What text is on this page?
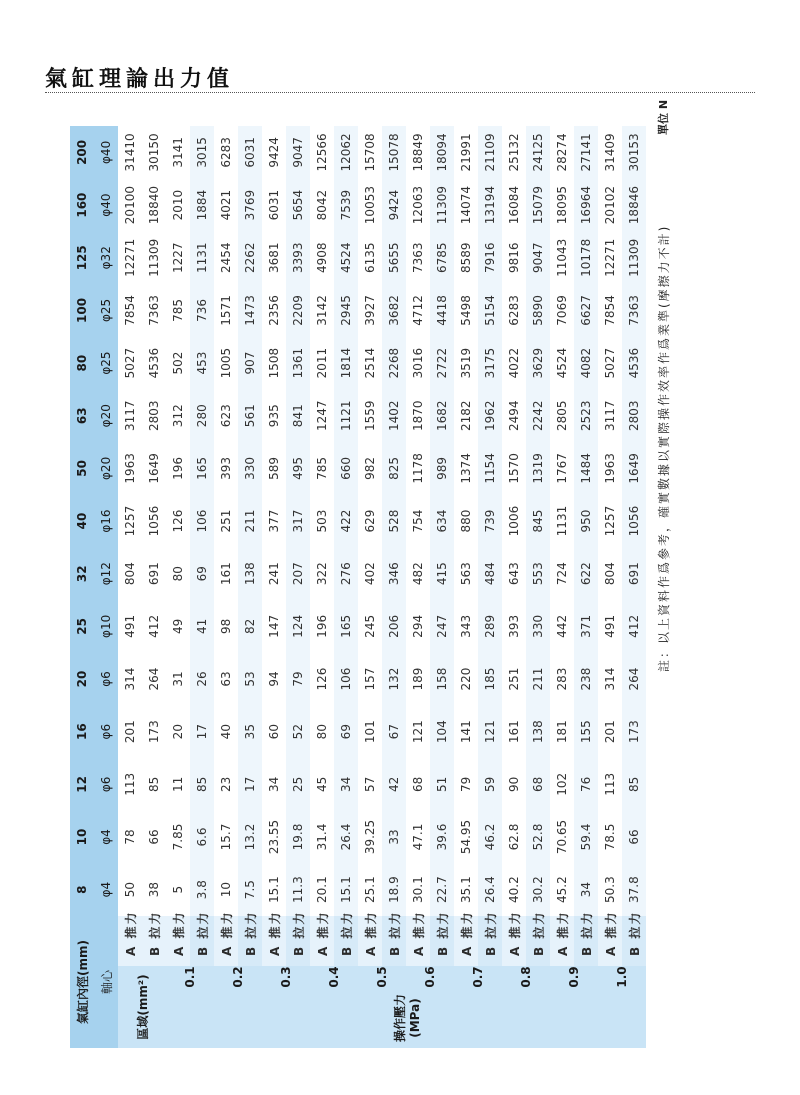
氣缸理論出力值
氣缸內徑(mm)			8	10	12	16	20	25	32	40	50	63	80	100	125	160	200
軸心			φ4	φ4	φ6	φ6	φ6	φ10	φ12	φ16	φ20	φ20	φ25	φ25	φ32	φ40	φ40
區域(mm²)		A 推力	50	78	113	201	314	491	804	1257	1963	3117	5027	7854	12271	20100	31410
		B 拉力	38	66	85	173	264	412	691	1056	1649	2803	4536	7363	11309	18840	30150

操作壓力 (MPa)	0.1	A 推力	5	7.85	11	20	31	49	80	126	196	312	502	785	1227	2010	3141
		B 拉力	3.8	6.6	85	17	26	41	69	106	165	280	453	736	1131	1884	3015
	0.2	A 推力	10	15.7	23	40	63	98	161	251	393	623	1005	1571	2454	4021	6283
		B 拉力	7.5	13.2	17	35	53	82	138	211	330	561	907	1473	2262	3769	6031
	0.3	A 推力	15.1	23.55	34	60	94	147	241	377	589	935	1508	2356	3681	6031	9424
		B 拉力	11.3	19.8	25	52	79	124	207	317	495	841	1361	2209	3393	5654	9047
	0.4	A 推力	20.1	31.4	45	80	126	196	322	503	785	1247	2011	3142	4908	8042	12566
		B 拉力	15.1	26.4	34	69	106	165	276	422	660	1121	1814	2945	4524	7539	12062
	0.5	A 推力	25.1	39.25	57	101	157	245	402	629	982	1559	2514	3927	6135	10053	15708
		B 拉力	18.9	33	42	67	132	206	346	528	825	1402	2268	3682	5655	9424	15078
	0.6	A 推力	30.1	47.1	68	121	189	294	482	754	1178	1870	3016	4712	7363	12063	18849
		B 拉力	22.7	39.6	51	104	158	247	415	634	989	1682	2722	4418	6785	11309	18094
	0.7	A 推力	35.1	54.95	79	141	220	343	563	880	1374	2182	3519	5498	8589	14074	21991
		B 拉力	26.4	46.2	59	121	185	289	484	739	1154	1962	3175	5154	7916	13194	21109
	0.8	A 推力	40.2	62.8	90	161	251	393	643	1006	1570	2494	4022	6283	9816	16084	25132
		B 拉力	30.2	52.8	68	138	211	330	553	845	1319	2242	3629	5890	9047	15079	24125
	0.9	A 推力	45.2	70.65	102	181	283	442	724	1131	1767	2805	4524	7069	11043	18095	28274
		B 拉力	34	59.4	76	155	238	371	622	950	1484	2523	4082	6627	10178	16964	27141
	1.0	A 推力	50.3	78.5	113	201	314	491	804	1257	1963	3117	5027	7854	12271	20102	31409
		B 拉力	37.8	66	85	173	264	412	691	1056	1649	2803	4536	7363	11309	18846	30153
單位 N
註：以上資料作爲參考，確實數據以實際操作效率作爲業準(摩擦力不計)
